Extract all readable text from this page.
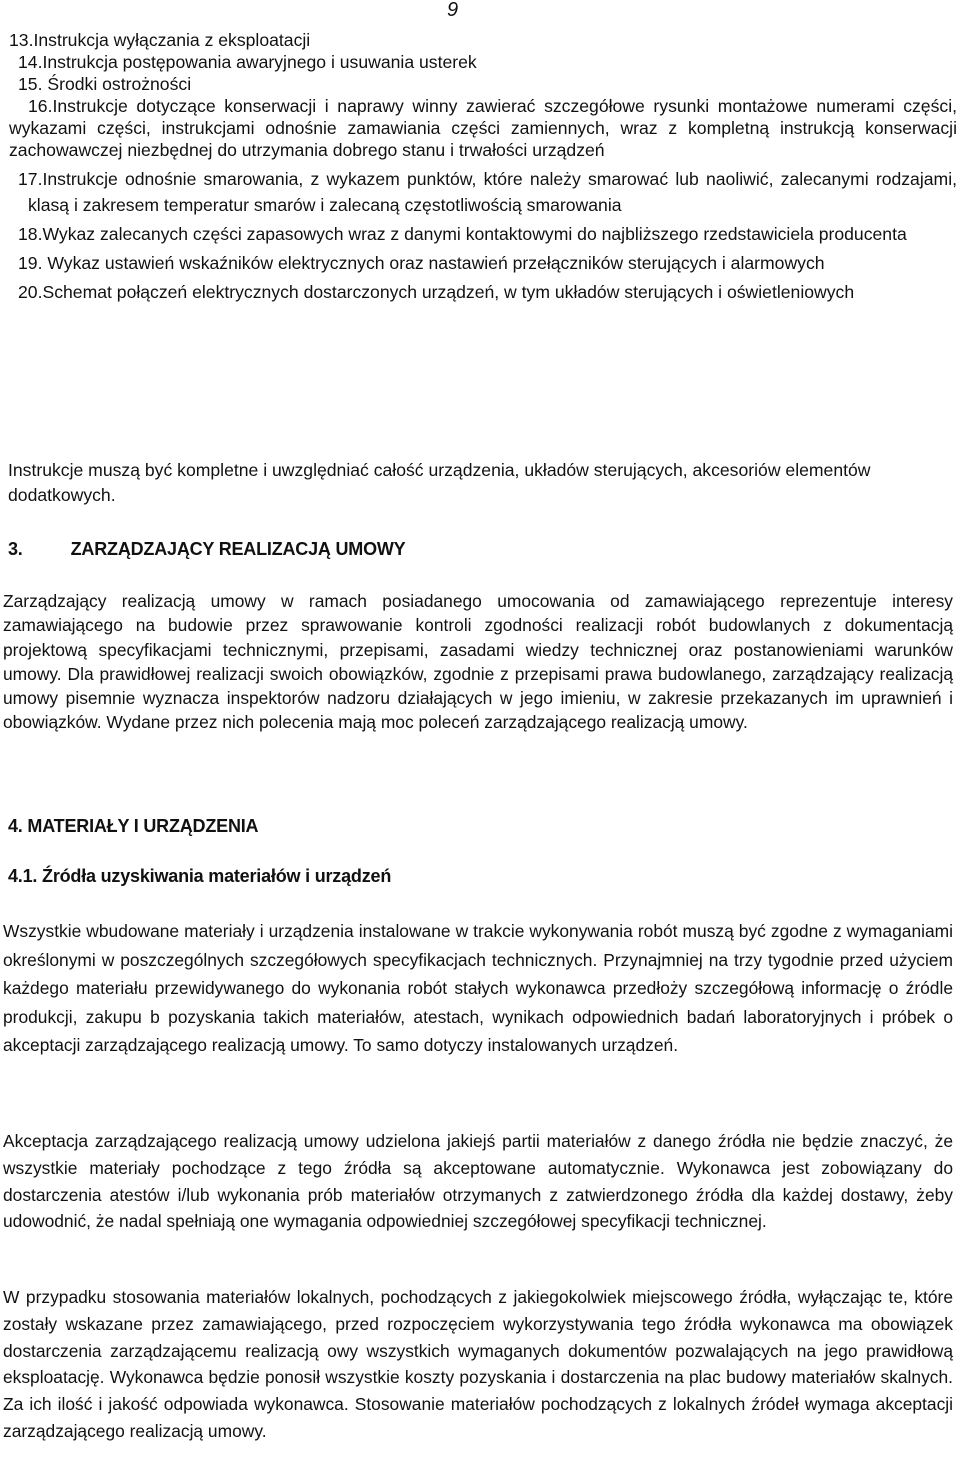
9
13.Instrukcja wyłączania z eksploatacji
14.Instrukcja postępowania awaryjnego i usuwania usterek
15. Środki ostrożności
16.Instrukcje dotyczące konserwacji i naprawy winny zawierać szczegółowe rysunki montażowe numerami części, wykazami części, instrukcjami odnośnie zamawiania części zamiennych, wraz z kompletną instrukcją konserwacji zachowawczej niezbędnej do utrzymania dobrego stanu i trwałości urządzeń
17.Instrukcje odnośnie smarowania, z wykazem punktów, które należy smarować lub naoliwić, zalecanymi rodzajami, klasą i zakresem temperatur smarów i zalecaną częstotliwością smarowania
18.Wykaz zalecanych części zapasowych wraz z danymi kontaktowymi do najbliższego rzedstawiciela producenta
19. Wykaz ustawień wskaźników elektrycznych oraz nastawień przełączników sterujących i alarmowych
20.Schemat połączeń elektrycznych dostarczonych urządzeń, w tym układów sterujących i oświetleniowych
Instrukcje muszą być kompletne i uwzględniać całość urządzenia, układów sterujących, akcesoriów elementów dodatkowych.
3.	ZARZĄDZAJĄCY REALIZACJĄ UMOWY
Zarządzający realizacją umowy w ramach posiadanego umocowania od zamawiającego reprezentuje interesy zamawiającego na budowie przez sprawowanie kontroli zgodności realizacji robót budowlanych z dokumentacją projektową specyfikacjami technicznymi, przepisami, zasadami wiedzy technicznej oraz postanowieniami warunków umowy. Dla prawidłowej realizacji swoich obowiązków, zgodnie z przepisami prawa budowlanego, zarządzający realizacją umowy pisemnie wyznacza inspektorów nadzoru działających w jego imieniu, w zakresie przekazanych im uprawnień i obowiązków. Wydane przez nich polecenia mają moc poleceń zarządzającego realizacją umowy.
4. MATERIAŁY I URZĄDZENIA
4.1. Źródła uzyskiwania materiałów i urządzeń
Wszystkie wbudowane materiały i urządzenia instalowane w trakcie wykonywania robót muszą być zgodne z wymaganiami określonymi w poszczególnych szczegółowych specyfikacjach technicznych. Przynajmniej na trzy tygodnie przed użyciem każdego materiału przewidywanego do wykonania robót stałych wykonawca przedłoży szczegółową informację o źródle produkcji, zakupu b pozyskania takich materiałów, atestach, wynikach odpowiednich badań laboratoryjnych i próbek o akceptacji zarządzającego realizacją umowy. To samo dotyczy instalowanych urządzeń.
Akceptacja zarządzającego realizacją umowy udzielona jakiejś partii materiałów z danego źródła nie będzie znaczyć, że wszystkie materiały pochodzące z tego źródła są akceptowane automatycznie. Wykonawca jest zobowiązany do dostarczenia atestów i/lub wykonania prób materiałów otrzymanych z zatwierdzonego źródła dla każdej dostawy, żeby udowodnić, że nadal spełniają one wymagania odpowiedniej szczegółowej specyfikacji technicznej.
W przypadku stosowania materiałów lokalnych, pochodzących z jakiegokolwiek miejscowego źródła, wyłączając te, które zostały wskazane przez zamawiającego, przed rozpoczęciem wykorzystywania tego źródła wykonawca ma obowiązek dostarczenia zarządzającemu realizacją owy wszystkich wymaganych dokumentów pozwalających na jego prawidłową eksploatację. Wykonawca będzie ponosił wszystkie koszty pozyskania i dostarczenia na plac budowy materiałów skalnych. Za ich ilość i jakość odpowiada wykonawca. Stosowanie materiałów pochodzących z lokalnych źródeł wymaga akceptacji zarządzającego realizacją umowy.
